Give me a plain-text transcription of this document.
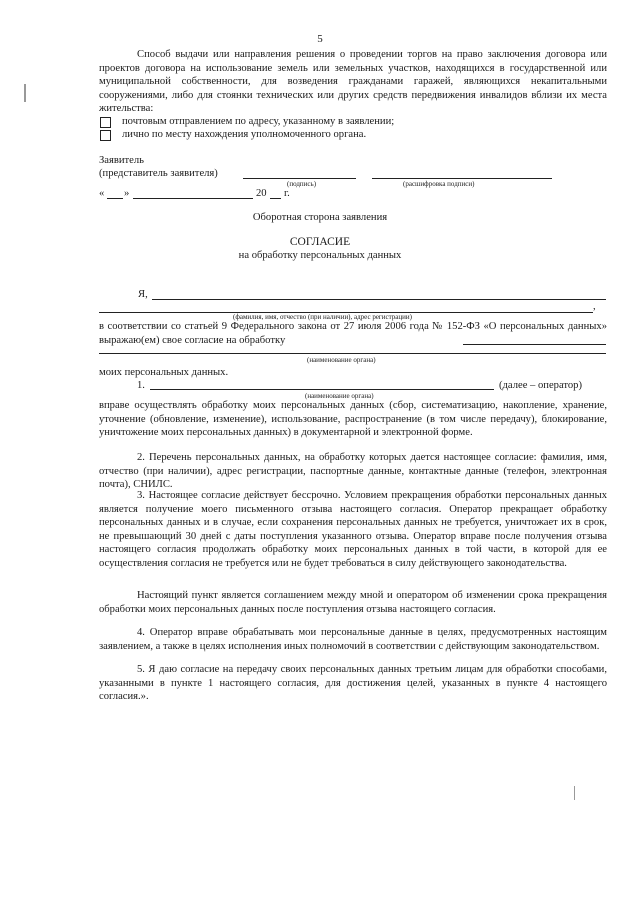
5

Способ выдачи или направления решения о проведении торгов на право заключения договора или проектов договора на использование земель или земельных участков, находящихся в государственной или муниципальной собственности, для возведения гражданами гаражей, являющихся некапитальными сооружениями, либо для стоянки технических или других средств передвижения инвалидов вблизи их места жительства:

почтовым отправлением по адресу, указанному в заявлении;
лично по месту нахождения уполномоченного органа.
Заявитель
(представитель заявителя)
(подпись)	(расшифровка подписи)
« »	20 г.
Оборотная сторона заявления
СОГЛАСИЕ
на обработку персональных данных
Я,
,
(фамилия, имя, отчество (при наличии), адрес регистрации)

в соответствии со статьей 9 Федерального закона от 27 июля 2006 года № 152-ФЗ «О персональных данных» выражаю(ем) свое согласие на обработку

(наименование органа)
моих персональных данных.
1.	(далее – оператор)
(наименование органа)

вправе осуществлять обработку моих персональных данных (сбор, систематизацию, накопление, хранение, уточнение (обновление, изменение), использование, распространение (в том числе передачу), блокирование, уничтожение моих персональных данных) в документарной и электронной форме.

2. Перечень персональных данных, на обработку которых дается настоящее согласие: фамилия, имя, отчество (при наличии), адрес регистрации, паспортные данные, контактные данные (телефон, электронная почта), СНИЛС.

3. Настоящее согласие действует бессрочно. Условием прекращения обработки персональных данных является получение моего письменного отзыва настоящего согласия. Оператор прекращает обработку персональных данных и в случае, если сохранения персональных данных не требуется, уничтожает их в срок, не превышающий 30 дней с даты поступления указанного отзыва. Оператор вправе после получения отзыва настоящего согласия продолжать обработку моих персональных данных в той части, в которой для ее осуществления согласия не требуется или не будет требоваться в силу действующего законодательства.

Настоящий пункт является соглашением между мной и оператором об изменении срока прекращения обработки моих персональных данных после поступления отзыва настоящего согласия.

4. Оператор вправе обрабатывать мои персональные данные в целях, предусмотренных настоящим заявлением, а также в целях исполнения иных полномочий в соответствии с действующим законодательством.

5. Я даю согласие на передачу своих персональных данных третьим лицам для обработки способами, указанными в пункте 1 настоящего согласия, для достижения целей, указанных в пункте 4 настоящего согласия.».
